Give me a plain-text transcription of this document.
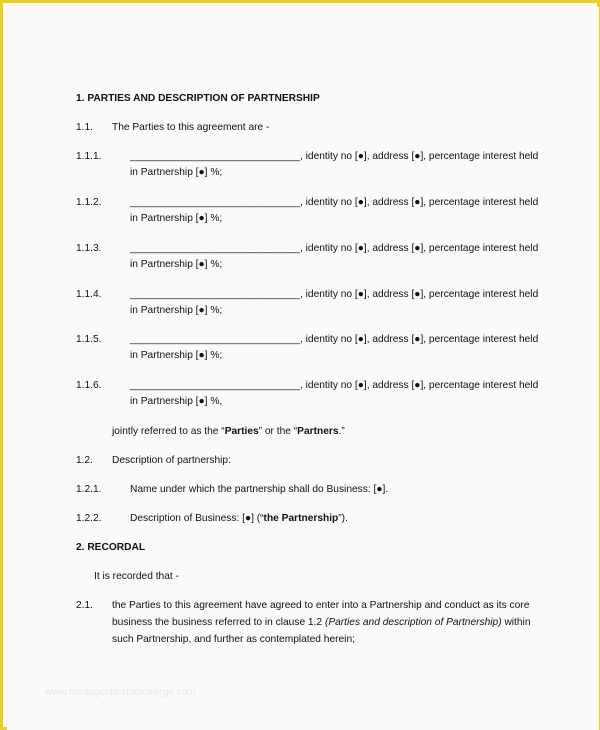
1. PARTIES AND DESCRIPTION OF PARTNERSHIP
1.1. The Parties to this agreement are -
1.1.1.	______________________________, identity no [●], address [●], percentage interest held
in Partnership [●] %;
1.1.2.	______________________________, identity no [●], address [●], percentage interest held
in Partnership [●] %;
1.1.3.	______________________________, identity no [●], address [●], percentage interest held
in Partnership [●] %;
1.1.4.	______________________________, identity no [●], address [●], percentage interest held
in Partnership [●] %;
1.1.5.	______________________________, identity no [●], address [●], percentage interest held
in Partnership [●] %;
1.1.6.	______________________________, identity no [●], address [●], percentage interest held
in Partnership [●] %,
jointly referred to as the “Parties” or the “Partners.”
1.2. Description of partnership:
1.2.1.	Name under which the partnership shall do Business: [●].
1.2.2.	Description of Business: [●] (“the Partnership”).
2. RECORDAL
It is recorded that -
2.1. the Parties to this agreement have agreed to enter into a Partnership and conduct as its core
business the business referred to in clause 1.2 (Parties and description of Partnership) within
such Partnership, and further as contemplated herein;
www.heritagechristiancollege.com
